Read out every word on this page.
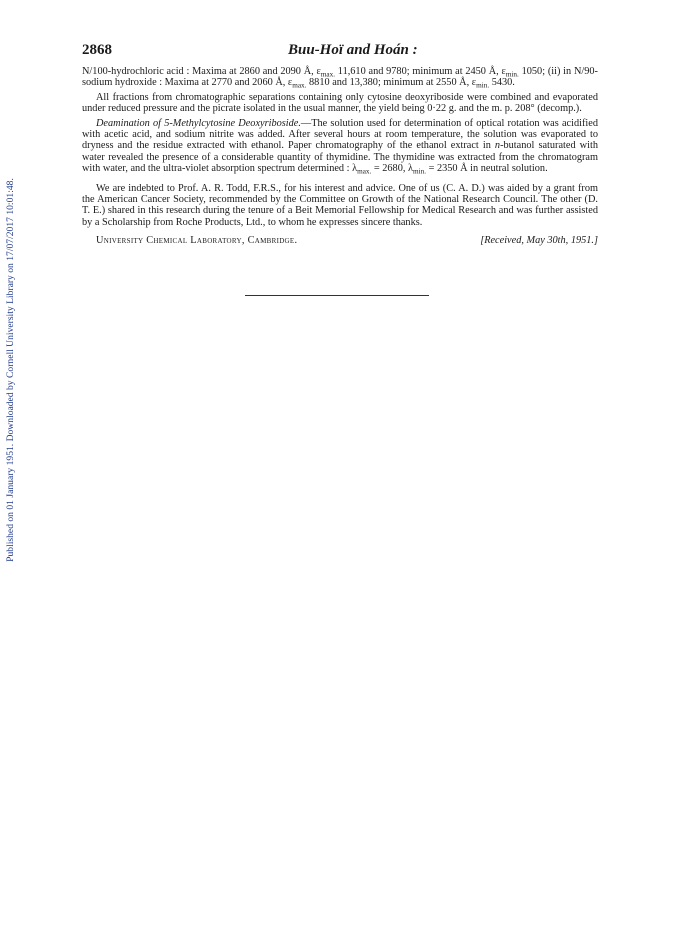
Published on 01 January 1951. Downloaded by Cornell University Library on 17/07/2017 10:01:48.
2868	Buu-Hoï and Hoán :

N/100-hydrochloric acid : Maxima at 2860 and 2090 Å, $\varepsilon_{max.}$ 11,610 and 9780; minimum at 2450 Å, $\varepsilon_{min.}$ 1050; (ii) in N/90-sodium hydroxide : Maxima at 2770 and 2060 Å, $\varepsilon_{max.}$ 8810 and 13,380; minimum at 2550 Å, $\varepsilon_{min.}$ 5430.

All fractions from chromatographic separations containing only cytosine deoxyriboside were combined and evaporated under reduced pressure and the picrate isolated in the usual manner, the yield being 0·22 g. and the m. p. 208° (decomp.).

Deamination of 5-Methylcytosine Deoxyriboside.—The solution used for determination of optical rotation was acidified with acetic acid, and sodium nitrite was added. After several hours at room temperature, the solution was evaporated to dryness and the residue extracted with ethanol. Paper chromatography of the ethanol extract in n-butanol saturated with water revealed the presence of a considerable quantity of thymidine. The thymidine was extracted from the chromatogram with water, and the ultra-violet absorption spectrum determined : $\lambda_{max.} = 2680$, $\lambda_{min.} = 2350$ Å in neutral solution.

We are indebted to Prof. A. R. Todd, F.R.S., for his interest and advice. One of us (C. A. D.) was aided by a grant from the American Cancer Society, recommended by the Committee on Growth of the National Research Council. The other (D. T. E.) shared in this research during the tenure of a Beit Memorial Fellowship for Medical Research and was further assisted by a Scholarship from Roche Products, Ltd., to whom he expresses sincere thanks.

University Chemical Laboratory, Cambridge.	[Received, May 30th, 1951.]
